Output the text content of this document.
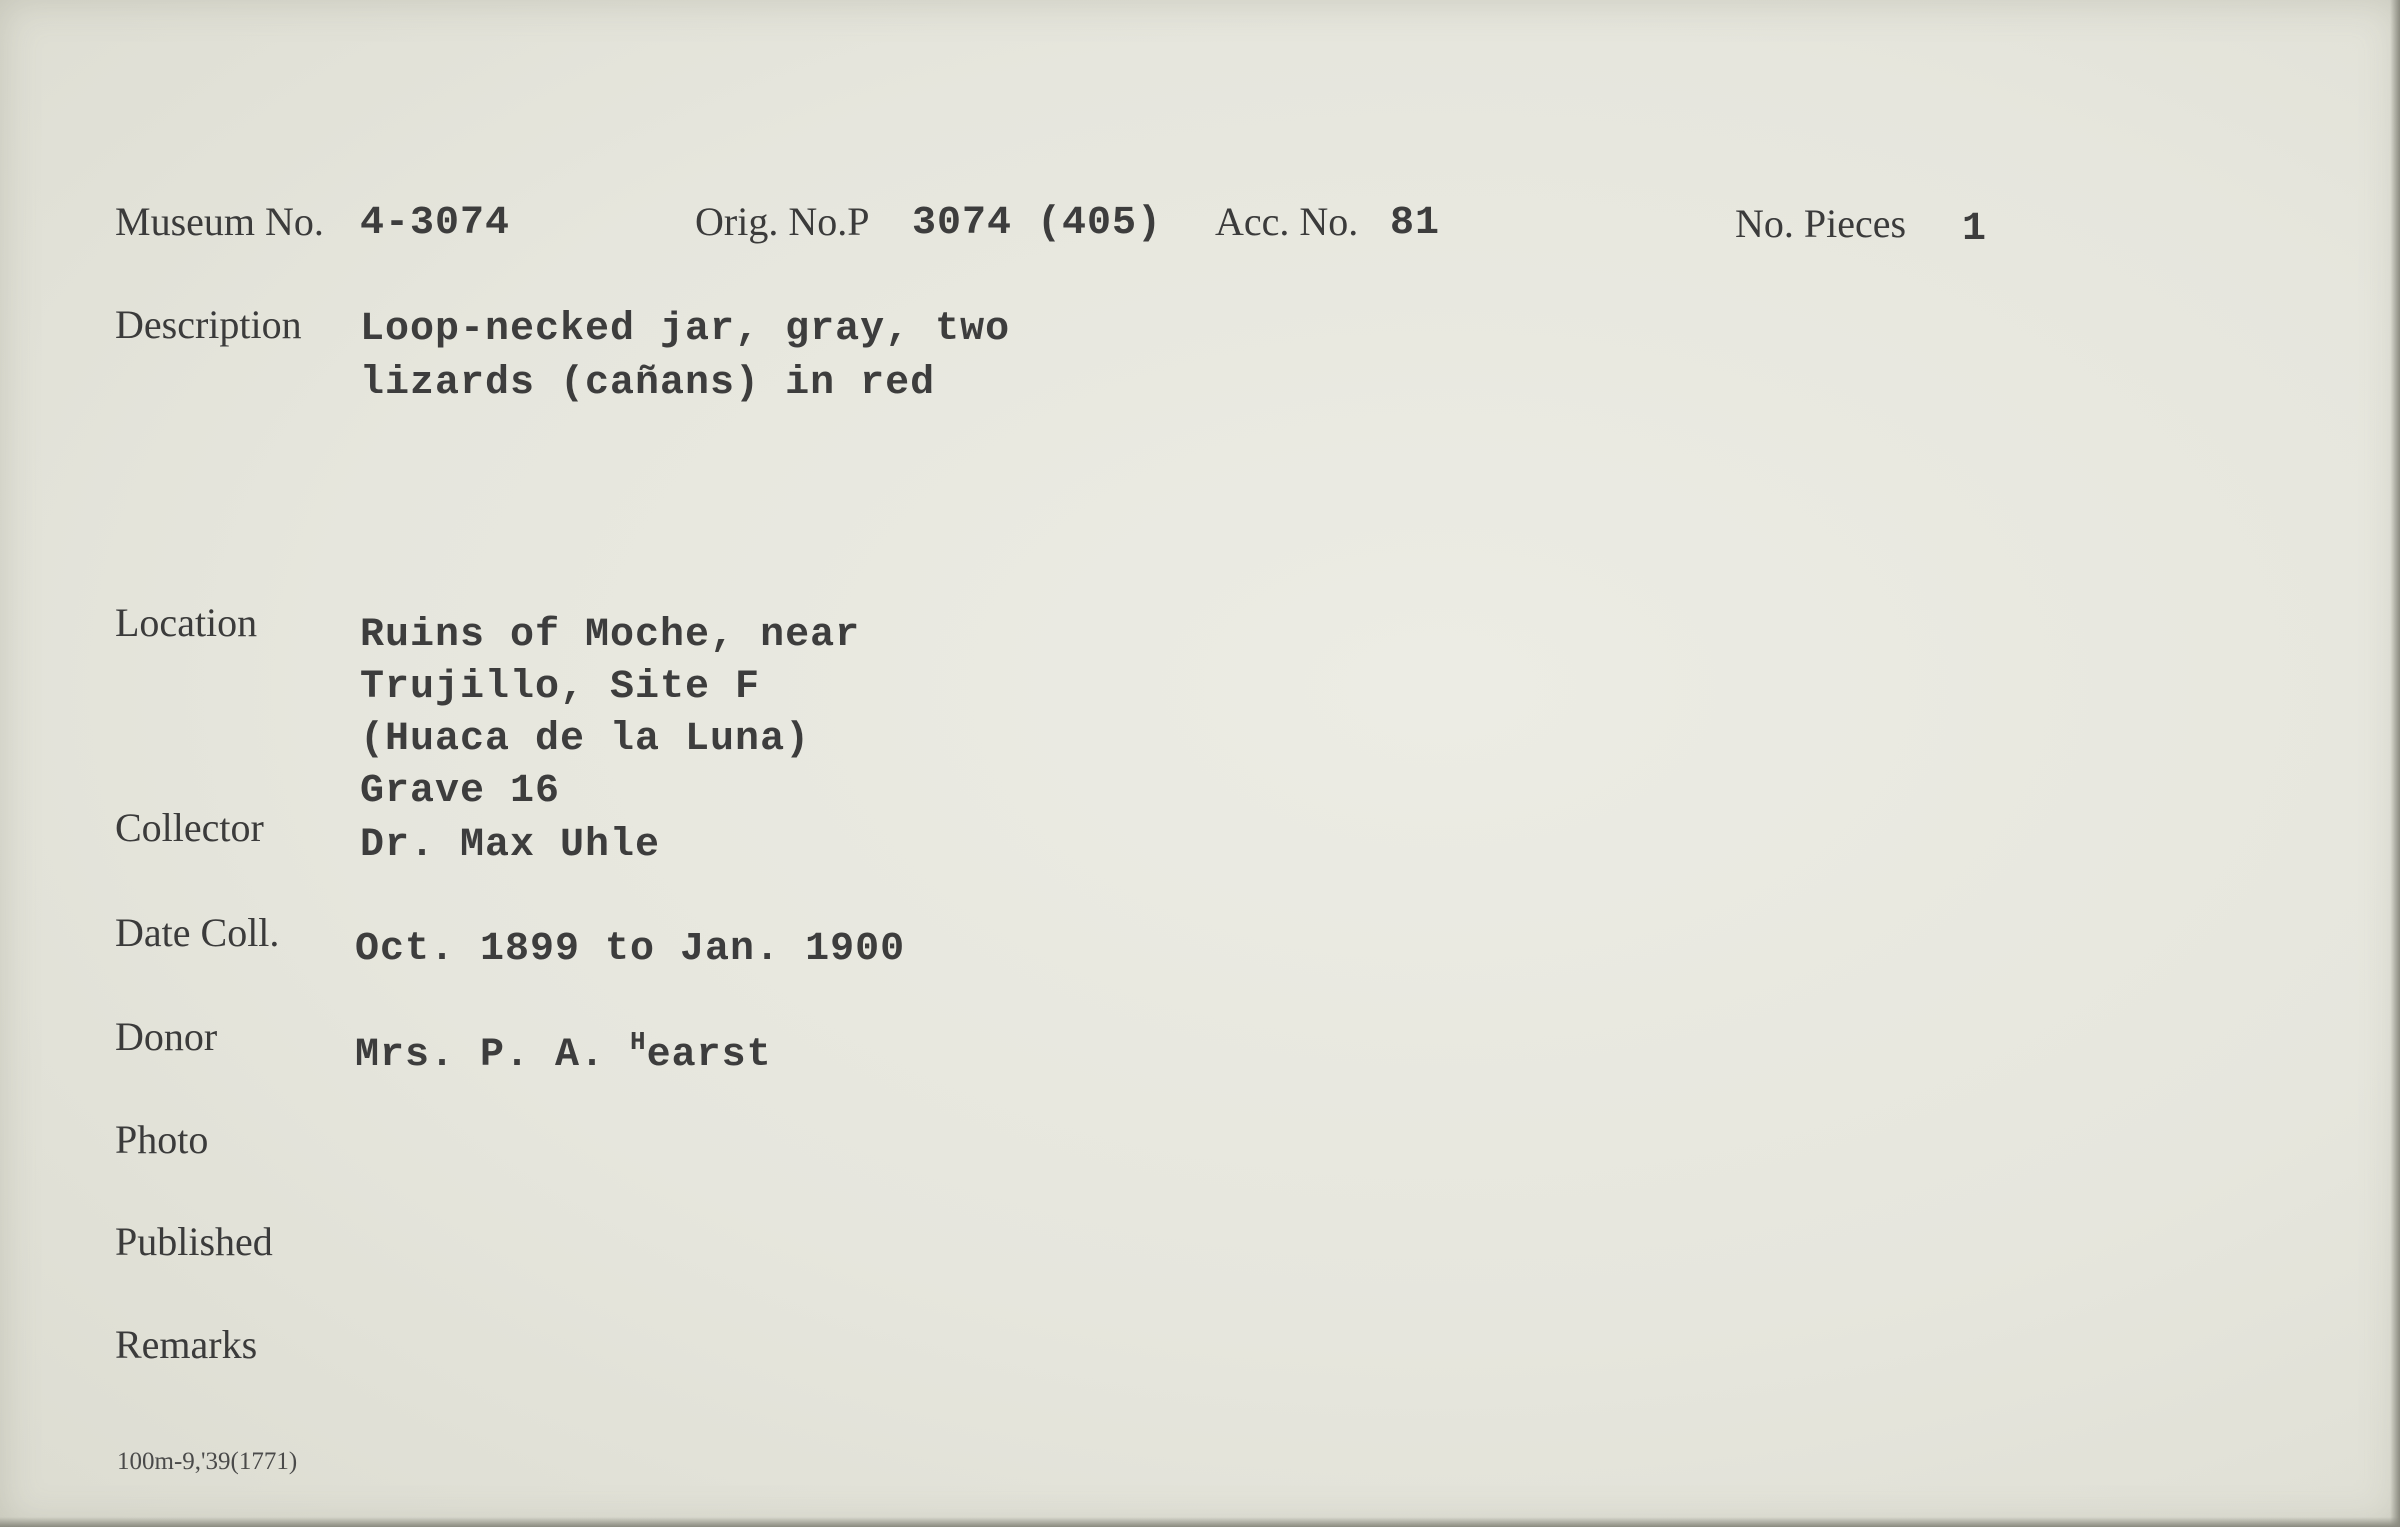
Museum No. 4-3074	Orig. No.P 3074 (405) Acc. No. 81	No. Pieces 1
Description Loop-necked jar, gray, two
lizards (cañans) in red
Location	Ruins of Moche, near
Trujillo, Site F
(Huaca de la Luna)
Grave 16
Collector Dr. Max Uhle
Date Coll. Oct. 1899 to Jan. 1900
Donor	Mrs. P. A. $^H$earst
Photo
Published
Remarks
100m-9,'39(1771)
